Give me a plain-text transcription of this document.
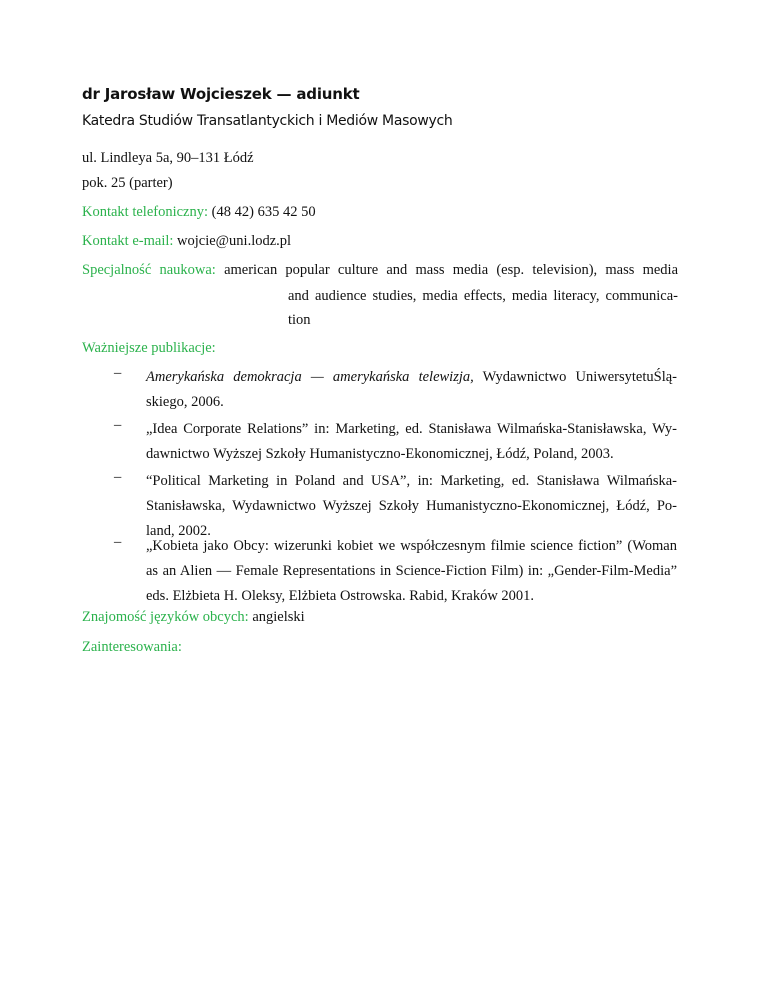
dr Jarosław Wojcieszek — adiunkt
Katedra Studiów Transatlantyckich i Mediów Masowych
ul. Lindleya 5a, 90–131 Łódź
pok. 25 (parter)
Kontakt telefoniczny: (48 42) 635 42 50
Kontakt e-mail: wojcie@uni.lodz.pl
Specjalność naukowa: american popular culture and mass media (esp. television), mass media
and audience studies, media effects, media literacy, communica-
tion
Ważniejsze publikacje:
– Amerykańska demokracja — amerykańska telewizja, Wydawnictwo UniwersytetuŚlą-
skiego, 2006.
– „Idea Corporate Relations” in: Marketing, ed. Stanisława Wilmańska-Stanisławska, Wy-
dawnictwo Wyższej Szkoły Humanistyczno-Ekonomicznej, Łódź, Poland, 2003.
– “Political Marketing in Poland and USA”, in: Marketing, ed. Stanisława Wilmańska-
Stanisławska, Wydawnictwo Wyższej Szkoły Humanistyczno-Ekonomicznej, Łódź, Po-
land, 2002.
– „Kobieta jako Obcy: wizerunki kobiet we współczesnym filmie science fiction” (Woman
as an Alien — Female Representations in Science-Fiction Film) in: „Gender-Film-Media”
eds. Elżbieta H. Oleksy, Elżbieta Ostrowska. Rabid, Kraków 2001.
Znajomość języków obcych: angielski
Zainteresowania:
